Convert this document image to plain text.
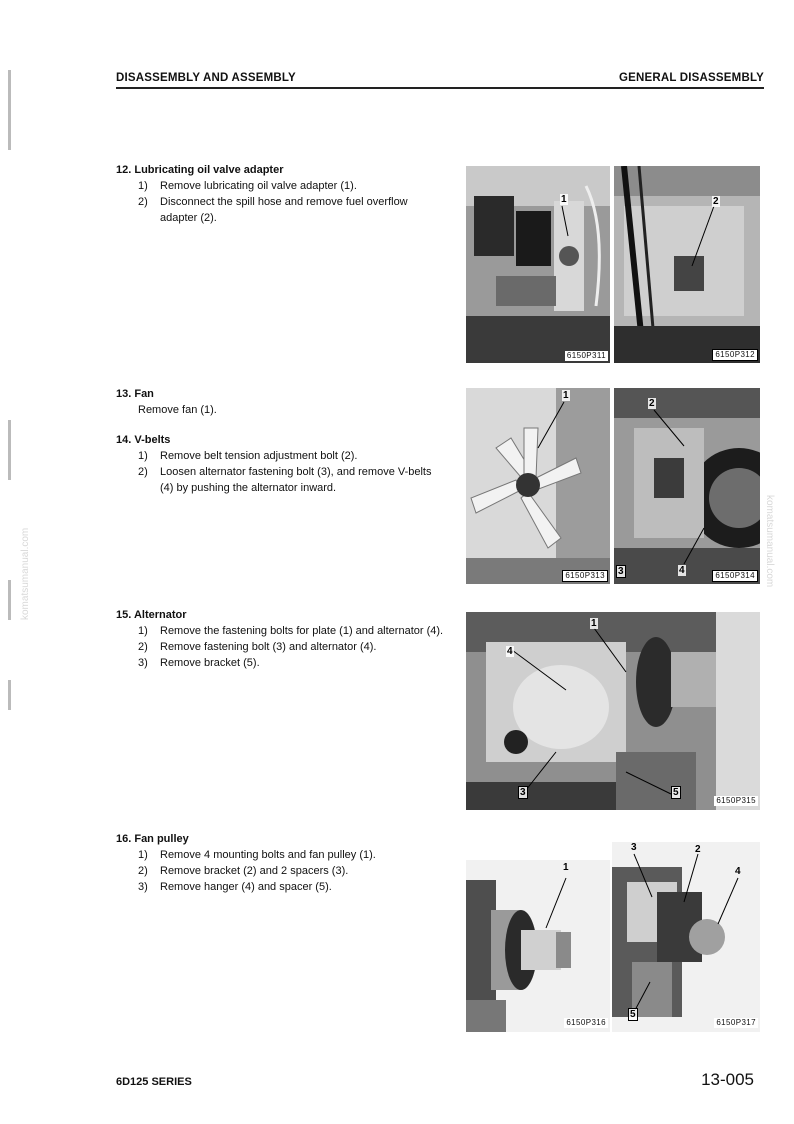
komatsumanual.com	komatsumanual.com
DISASSEMBLY AND ASSEMBLY	GENERAL DISASSEMBLY
12. Lubricating oil valve adapter
1)	Remove lubricating oil valve adapter (1).
2)	Disconnect the spill hose and remove fuel overflow adapter (2).
13. Fan
Remove fan (1).
14. V-belts
1)	Remove belt tension adjustment bolt (2).
2)	Loosen alternator fastening bolt (3), and remove V-belts (4) by pushing the alternator inward.
15. Alternator
1)	Remove the fastening bolts for plate (1) and alternator (4).
2)	Remove fastening bolt (3) and alternator (4).
3)	Remove bracket (5).
16. Fan pulley
1)	Remove 4 mounting bolts and fan pulley (1).
2)	Remove bracket (2) and 2 spacers (3).
3)	Remove hanger (4) and spacer (5).
1
6150P311
2
6150P312
1
6150P313
2
3	4	6150P314
1
4
3	5
6150P315
1
6150P316
3	2
4
5
6150P317
6D125 SERIES	13-005
